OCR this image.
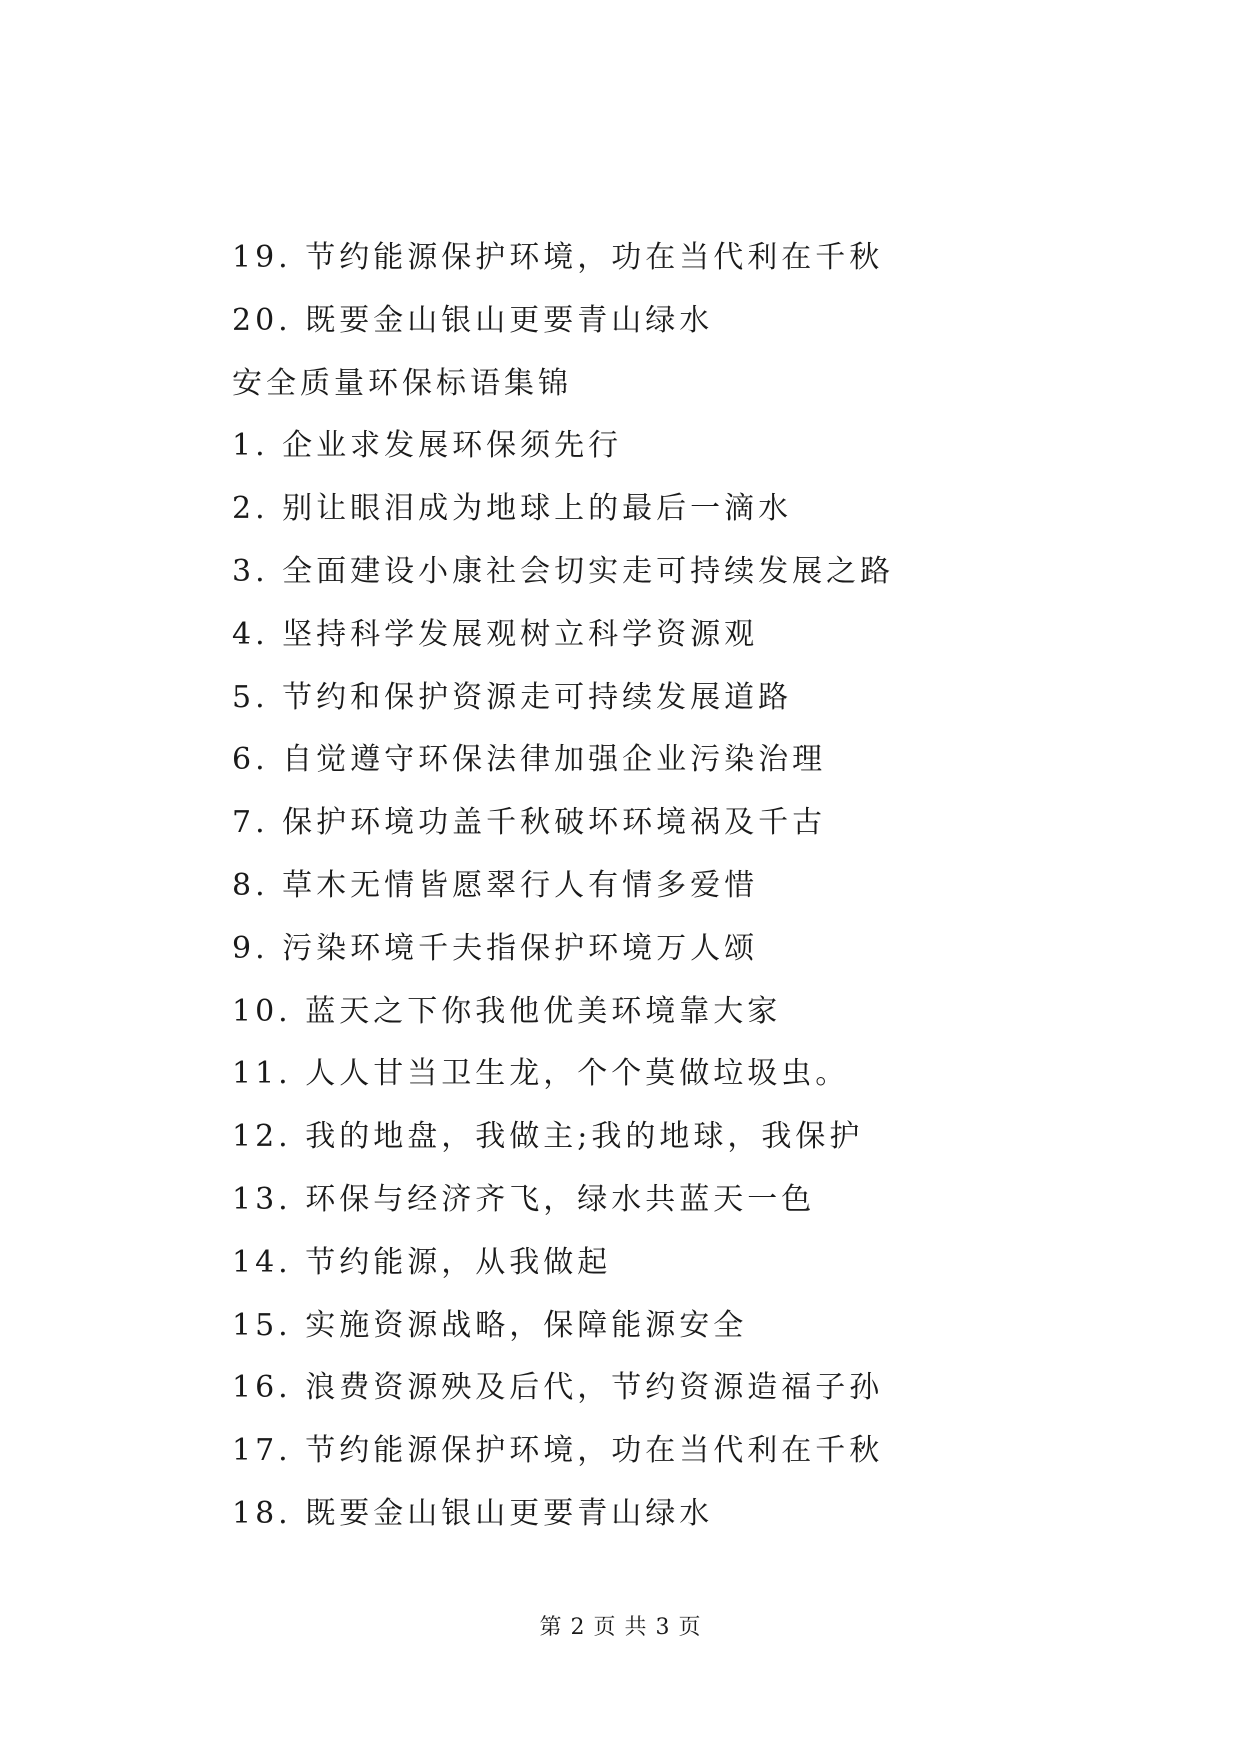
19. 节约能源保护环境，功在当代利在千秋
20. 既要金山银山更要青山绿水
安全质量环保标语集锦
1. 企业求发展环保须先行
2. 别让眼泪成为地球上的最后一滴水
3. 全面建设小康社会切实走可持续发展之路
4. 坚持科学发展观树立科学资源观
5. 节约和保护资源走可持续发展道路
6. 自觉遵守环保法律加强企业污染治理
7. 保护环境功盖千秋破坏环境祸及千古
8. 草木无情皆愿翠行人有情多爱惜
9. 污染环境千夫指保护环境万人颂
10. 蓝天之下你我他优美环境靠大家
11. 人人甘当卫生龙，个个莫做垃圾虫。
12. 我的地盘，我做主;我的地球，我保护
13. 环保与经济齐飞，绿水共蓝天一色
14. 节约能源，从我做起
15. 实施资源战略，保障能源安全
16. 浪费资源殃及后代，节约资源造福子孙
17. 节约能源保护环境，功在当代利在千秋
18. 既要金山银山更要青山绿水
第 2 页 共 3 页
